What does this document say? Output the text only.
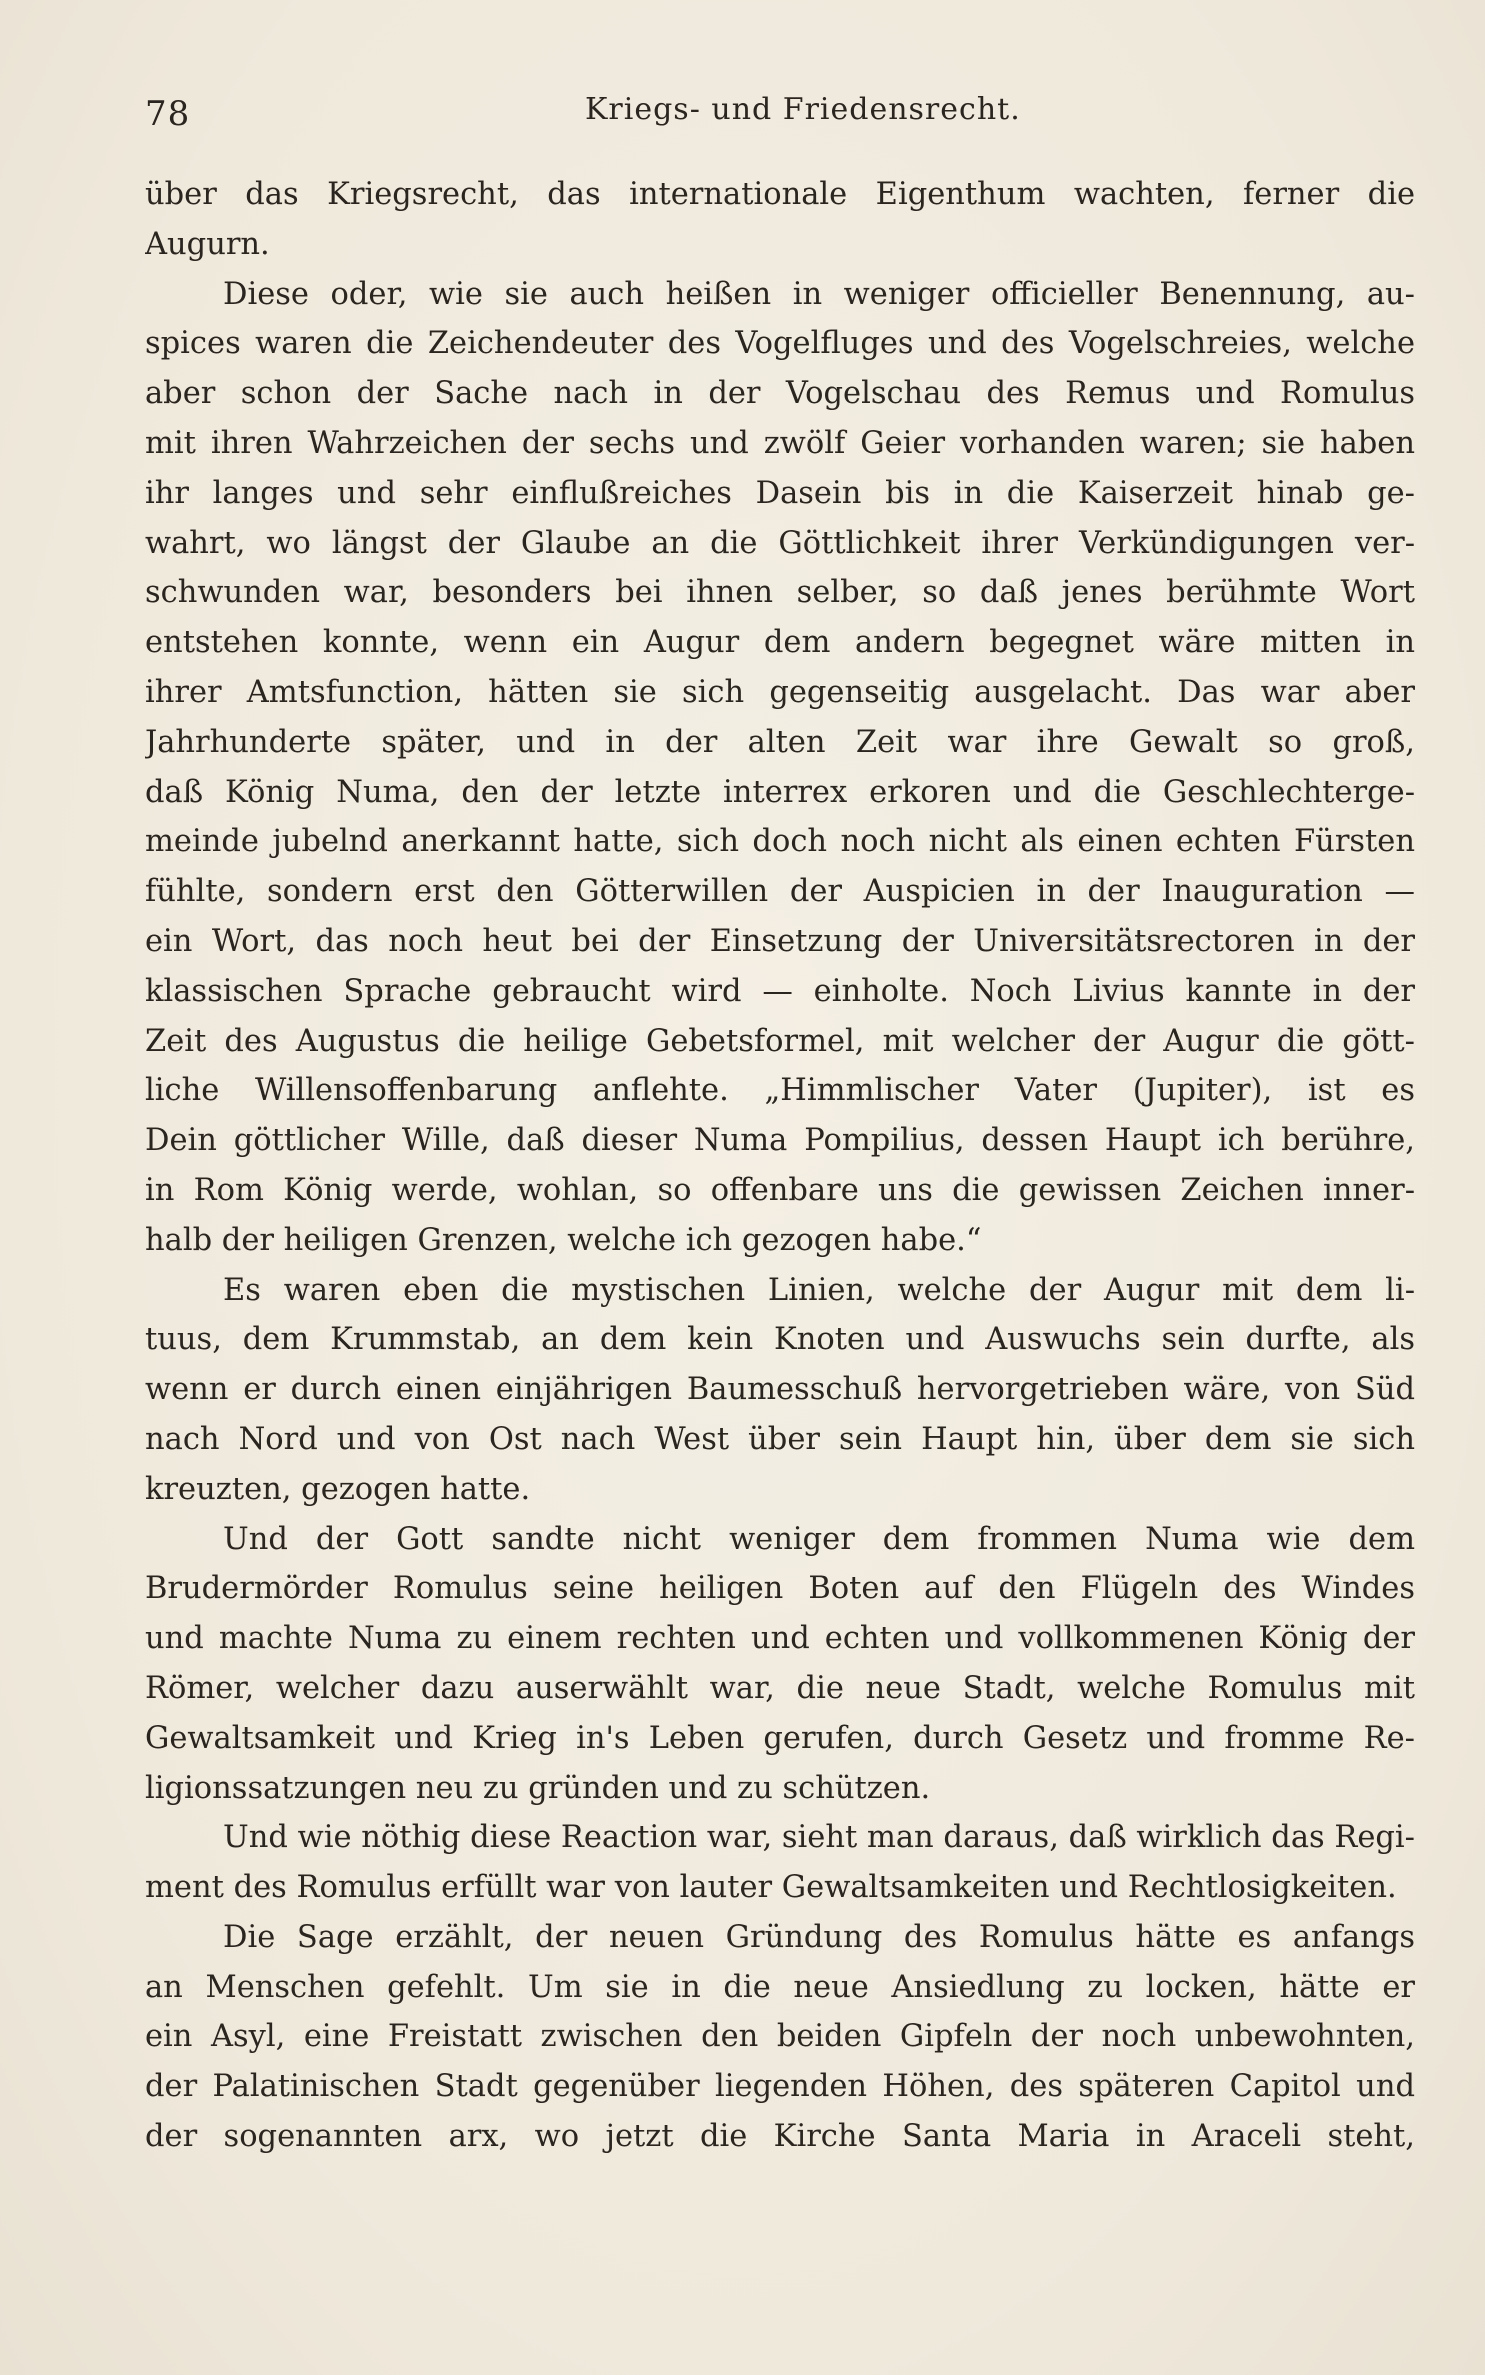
78	Kriegs- und Friedensrecht.
über das Kriegsrecht, das internationale Eigenthum wachten, ferner die
Augurn.
Diese oder, wie sie auch heißen in weniger officieller Benennung, au-
spices waren die Zeichendeuter des Vogelfluges und des Vogelschreies, welche
aber schon der Sache nach in der Vogelschau des Remus und Romulus
mit ihren Wahrzeichen der sechs und zwölf Geier vorhanden waren; sie haben
ihr langes und sehr einflußreiches Dasein bis in die Kaiserzeit hinab ge-
wahrt, wo längst der Glaube an die Göttlichkeit ihrer Verkündigungen ver-
schwunden war, besonders bei ihnen selber, so daß jenes berühmte Wort
entstehen konnte, wenn ein Augur dem andern begegnet wäre mitten in
ihrer Amtsfunction, hätten sie sich gegenseitig ausgelacht. Das war aber
Jahrhunderte später, und in der alten Zeit war ihre Gewalt so groß,
daß König Numa, den der letzte interrex erkoren und die Geschlechterge-
meinde jubelnd anerkannt hatte, sich doch noch nicht als einen echten Fürsten
fühlte, sondern erst den Götterwillen der Auspicien in der Inauguration —
ein Wort, das noch heut bei der Einsetzung der Universitätsrectoren in der
klassischen Sprache gebraucht wird — einholte. Noch Livius kannte in der
Zeit des Augustus die heilige Gebetsformel, mit welcher der Augur die gött-
liche Willensoffenbarung anflehte. „Himmlischer Vater (Jupiter), ist es
Dein göttlicher Wille, daß dieser Numa Pompilius, dessen Haupt ich berühre,
in Rom König werde, wohlan, so offenbare uns die gewissen Zeichen inner-
halb der heiligen Grenzen, welche ich gezogen habe.“
Es waren eben die mystischen Linien, welche der Augur mit dem li-
tuus, dem Krummstab, an dem kein Knoten und Auswuchs sein durfte, als
wenn er durch einen einjährigen Baumesschuß hervorgetrieben wäre, von Süd
nach Nord und von Ost nach West über sein Haupt hin, über dem sie sich
kreuzten, gezogen hatte.
Und der Gott sandte nicht weniger dem frommen Numa wie dem
Brudermörder Romulus seine heiligen Boten auf den Flügeln des Windes
und machte Numa zu einem rechten und echten und vollkommenen König der
Römer, welcher dazu auserwählt war, die neue Stadt, welche Romulus mit
Gewaltsamkeit und Krieg in's Leben gerufen, durch Gesetz und fromme Re-
ligionssatzungen neu zu gründen und zu schützen.
Und wie nöthig diese Reaction war, sieht man daraus, daß wirklich das Regi-
ment des Romulus erfüllt war von lauter Gewaltsamkeiten und Rechtlosigkeiten.
Die Sage erzählt, der neuen Gründung des Romulus hätte es anfangs
an Menschen gefehlt. Um sie in die neue Ansiedlung zu locken, hätte er
ein Asyl, eine Freistatt zwischen den beiden Gipfeln der noch unbewohnten,
der Palatinischen Stadt gegenüber liegenden Höhen, des späteren Capitol und
der sogenannten arx, wo jetzt die Kirche Santa Maria in Araceli steht,
